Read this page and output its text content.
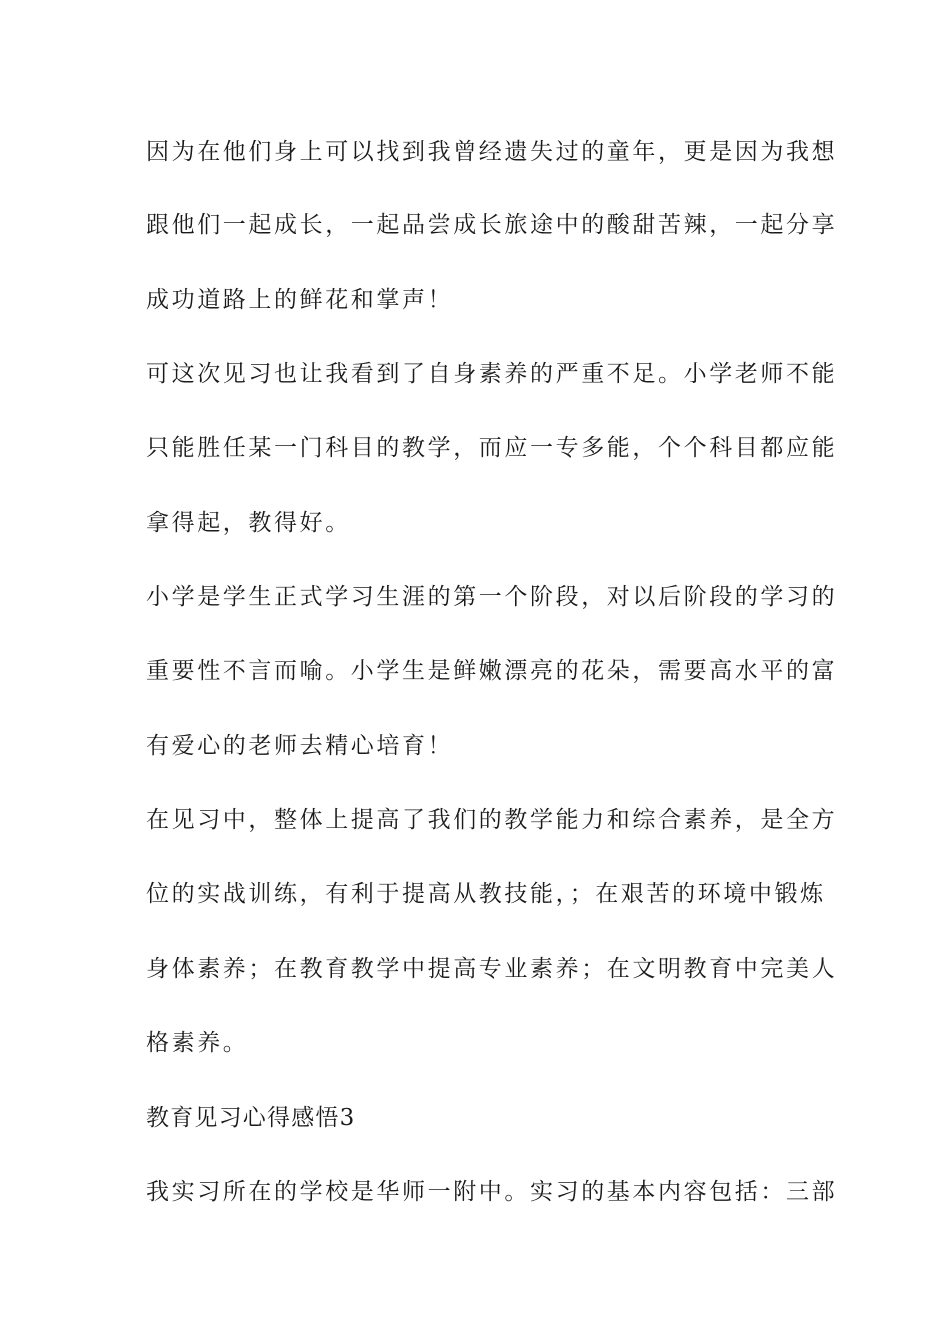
因为在他们身上可以找到我曾经遗失过的童年，更是因为我想
跟他们一起成长，一起品尝成长旅途中的酸甜苦辣，一起分享
成功道路上的鲜花和掌声！
可这次见习也让我看到了自身素养的严重不足。小学老师不能
只能胜任某一门科目的教学，而应一专多能，个个科目都应能
拿得起，教得好。
小学是学生正式学习生涯的第一个阶段，对以后阶段的学习的
重要性不言而喻。小学生是鲜嫩漂亮的花朵，需要高水平的富
有爱心的老师去精心培育！
在见习中，整体上提高了我们的教学能力和综合素养，是全方
位的实战训练，有利于提高从教技能，；在艰苦的环境中锻炼
身体素养；在教育教学中提高专业素养；在文明教育中完美人
格素养。
教育见习心得感悟3
我实习所在的学校是华师一附中。实习的基本内容包括：三部
